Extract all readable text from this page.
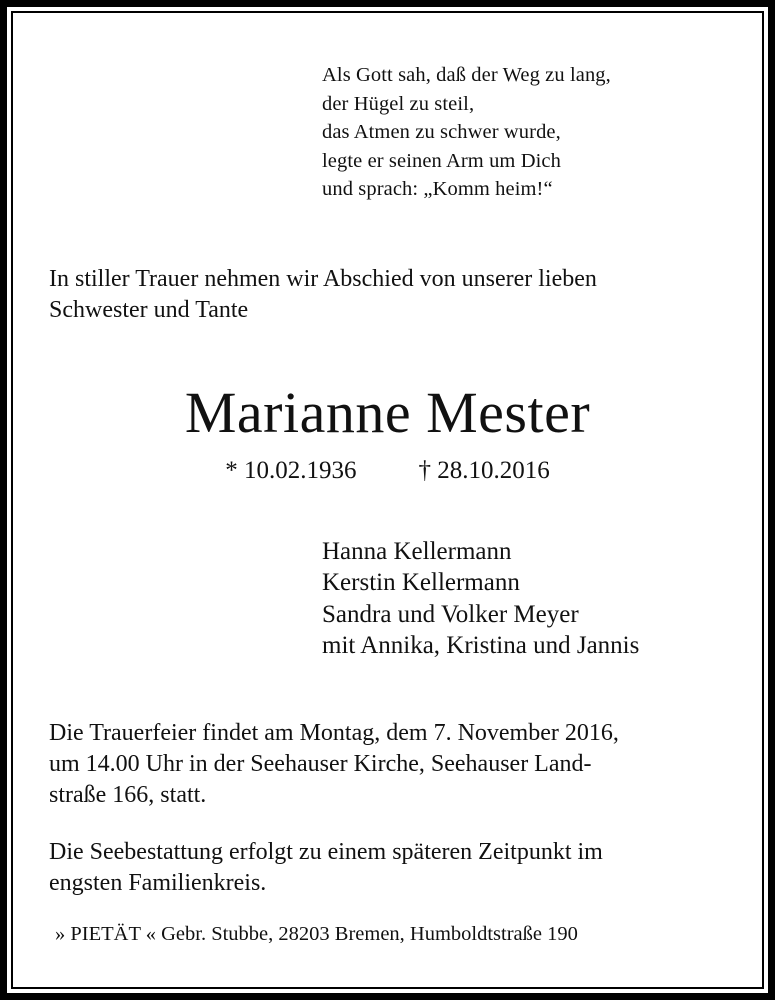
Als Gott sah, daß der Weg zu lang,
der Hügel zu steil,
das Atmen zu schwer wurde,
legte er seinen Arm um Dich
und sprach: „Komm heim!“
In stiller Trauer nehmen wir Abschied von unserer lieben
Schwester und Tante
Marianne Mester
* 10.02.1936 † 28.10.2016
Hanna Kellermann
Kerstin Kellermann
Sandra und Volker Meyer
mit Annika, Kristina und Jannis
Die Trauerfeier findet am Montag, dem 7. November 2016,
um 14.00 Uhr in der Seehauser Kirche, Seehauser Land-
straße 166, statt.
Die Seebestattung erfolgt zu einem späteren Zeitpunkt im
engsten Familienkreis.
» PIETÄT « Gebr. Stubbe, 28203 Bremen, Humboldtstraße 190
